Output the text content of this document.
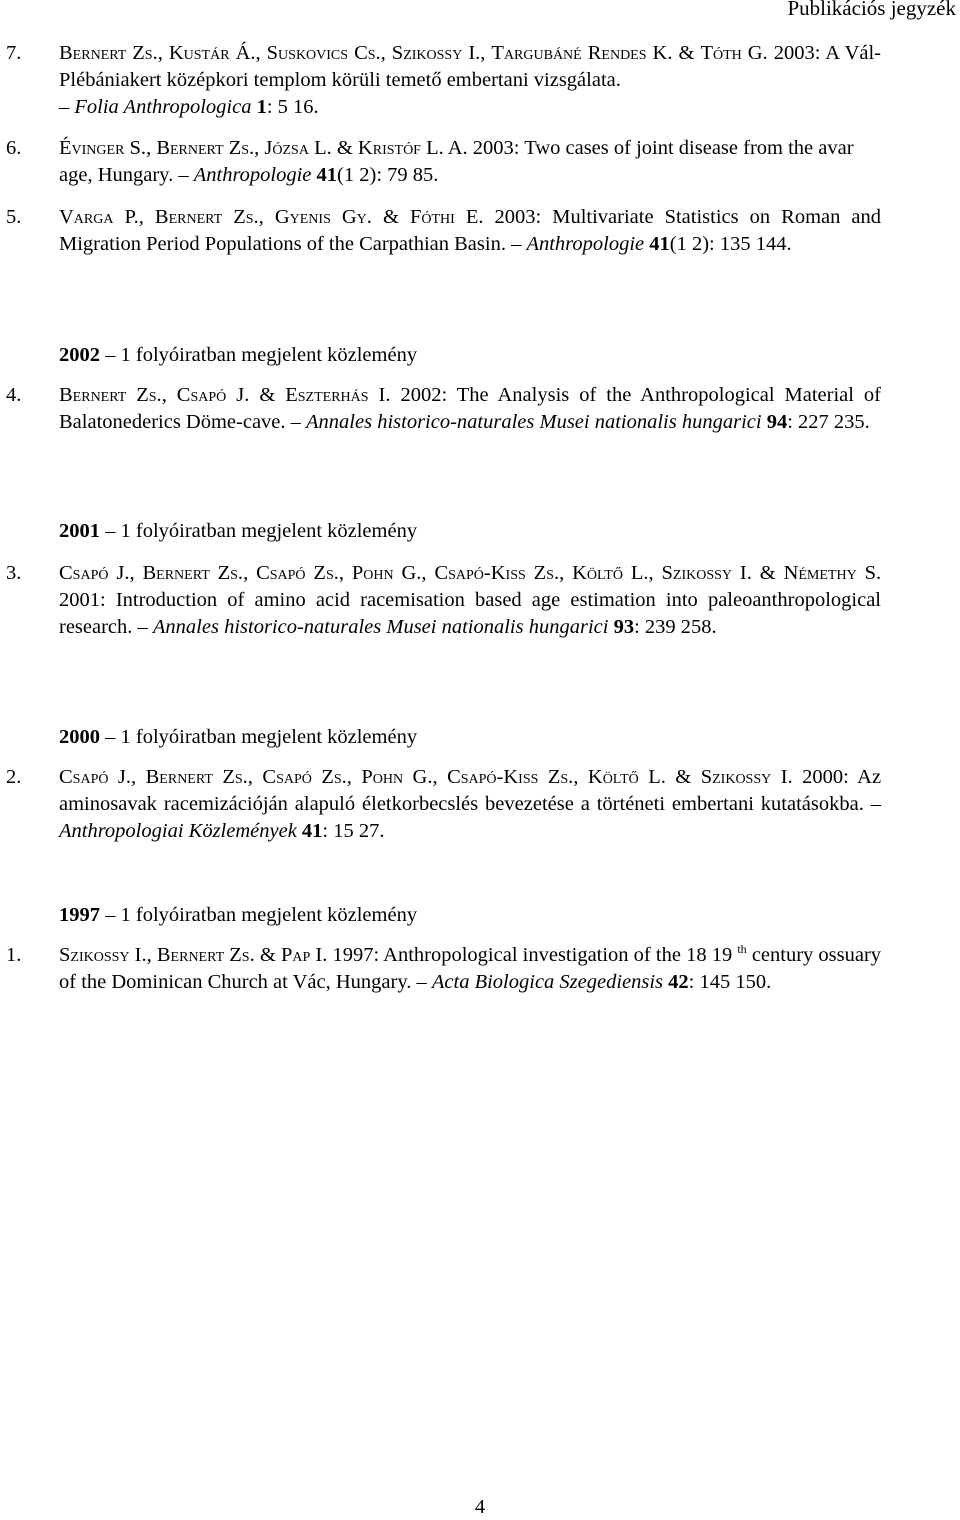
Publikációs jegyzék
7. Bernert Zs., Kustár Á., Suskovics Cs., Szikossy I., Targubáné Rendes K. & Tóth G. 2003: A Vál-Plébániakert középkori templom körüli temető embertani vizsgálata.
– Folia Anthropologica 1: 5 16.
6. Évinger S., Bernert Zs., Józsa L. & Kristóf L. A. 2003: Two cases of joint disease from the avar age, Hungary. – Anthropologie 41(1 2): 79 85.
5. Varga P., Bernert Zs., Gyenis Gy. & Fóthi E. 2003: Multivariate Statistics on Roman and Migration Period Populations of the Carpathian Basin. – Anthropologie 41(1 2): 135 144.
2002 – 1 folyóiratban megjelent közlemény
4. Bernert Zs., Csapó J. & Eszterhás I. 2002: The Analysis of the Anthropological Material of Balatonederics Döme-cave. – Annales historico-naturales Musei nationalis hungarici 94: 227 235.
2001 – 1 folyóiratban megjelent közlemény
3. Csapó J., Bernert Zs., Csapó Zs., Pohn G., Csapó-Kiss Zs., Költő L., Szikossy I. & Némethy S. 2001: Introduction of amino acid racemisation based age estimation into paleoanthropological research. – Annales historico-naturales Musei nationalis hungarici 93: 239 258.
2000 – 1 folyóiratban megjelent közlemény
2. Csapó J., Bernert Zs., Csapó Zs., Pohn G., Csapó-Kiss Zs., Költő L. & Szikossy I. 2000: Az aminosavak racemizációján alapuló életkorbecslés bevezetése a történeti embertani kutatásokba. – Anthropologiai Közlemények 41: 15 27.
1997 – 1 folyóiratban megjelent közlemény
1. Szikossy I., Bernert Zs. & Pap I. 1997: Anthropological investigation of the 18 19 $^{th}$ century ossuary of the Dominican Church at Vác, Hungary. – Acta Biologica Szegediensis 42: 145 150.
4
